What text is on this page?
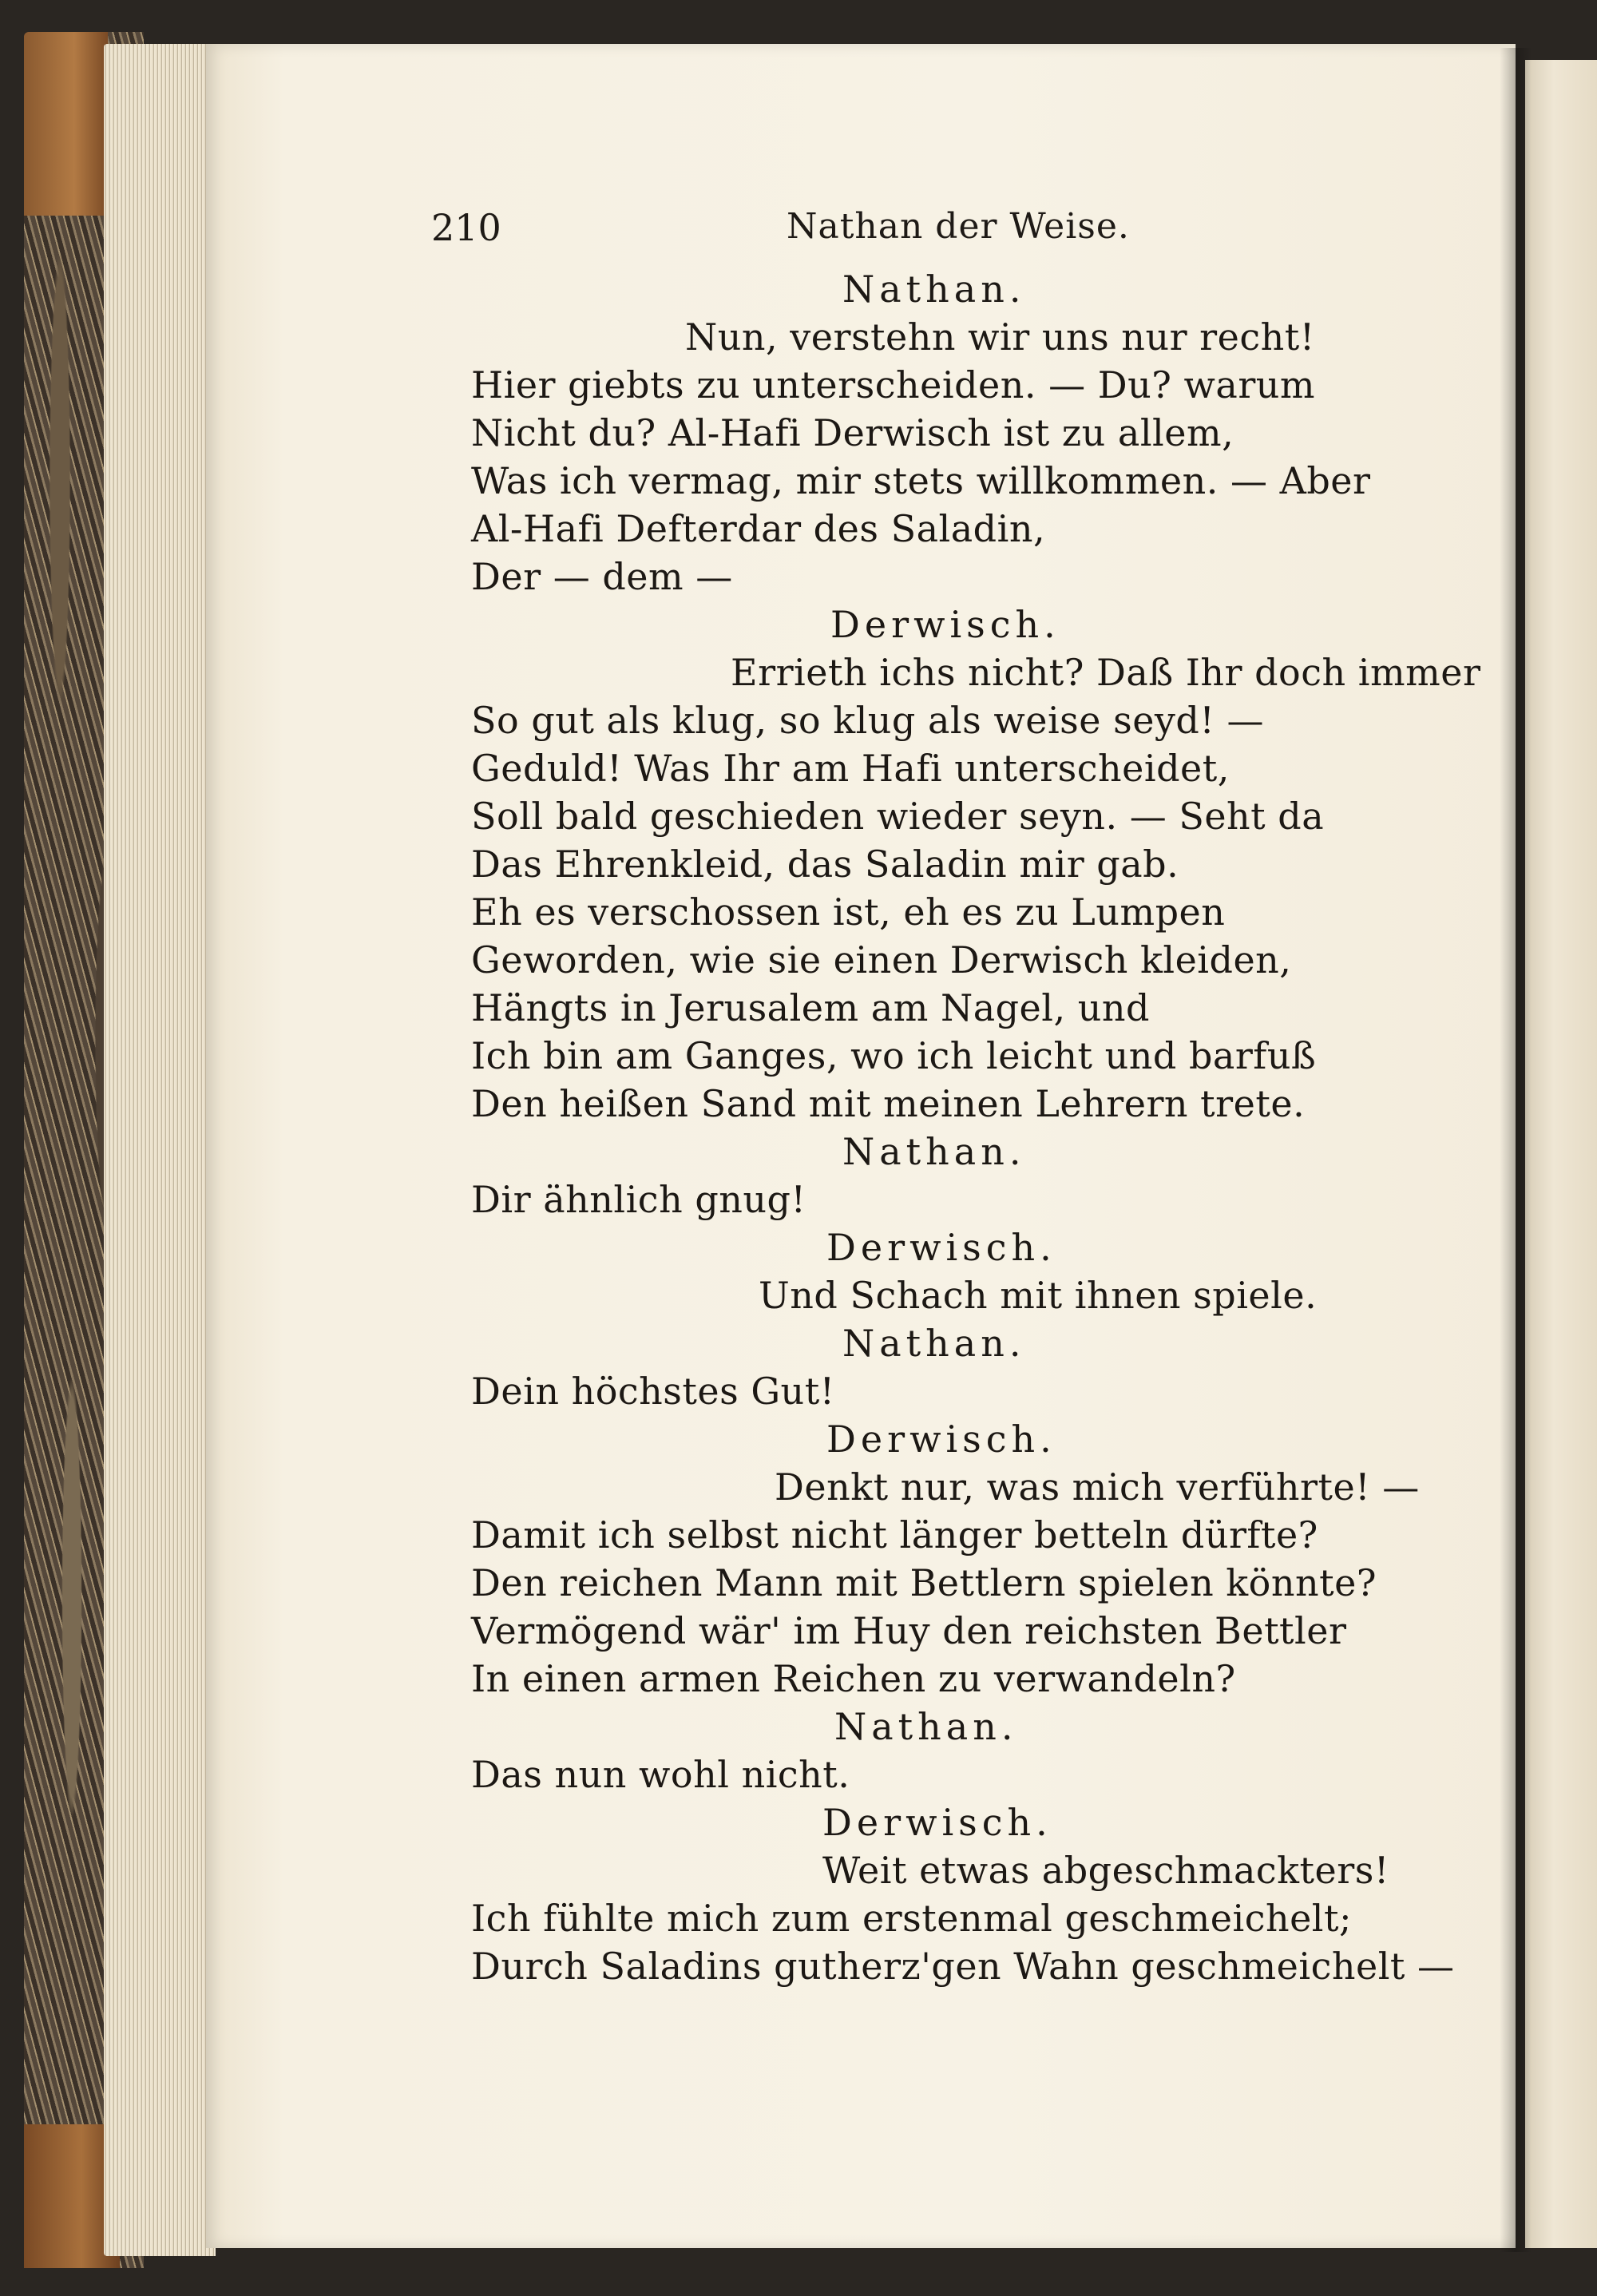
210	Nathan der Weise.
Nathan.
Nun, verstehn wir uns nur recht!
Hier giebts zu unterscheiden. — Du? warum
Nicht du? Al-Hafi Derwisch ist zu allem,
Was ich vermag, mir stets willkommen. — Aber
Al-Hafi Defterdar des Saladin,
Der — dem —
Derwisch.
Errieth ichs nicht? Daß Ihr doch immer
So gut als klug, so klug als weise seyd! —
Geduld! Was Ihr am Hafi unterscheidet,
Soll bald geschieden wieder seyn. — Seht da
Das Ehrenkleid, das Saladin mir gab.
Eh es verschossen ist, eh es zu Lumpen
Geworden, wie sie einen Derwisch kleiden,
Hängts in Jerusalem am Nagel, und
Ich bin am Ganges, wo ich leicht und barfuß
Den heißen Sand mit meinen Lehrern trete.
Nathan.
Dir ähnlich gnug!
Derwisch.
Und Schach mit ihnen spiele.
Nathan.
Dein höchstes Gut!
Derwisch.
Denkt nur, was mich verführte! —
Damit ich selbst nicht länger betteln dürfte?
Den reichen Mann mit Bettlern spielen könnte?
Vermögend wär' im Huy den reichsten Bettler
In einen armen Reichen zu verwandeln?
Nathan.
Das nun wohl nicht.
Derwisch.
Weit etwas abgeschmackters!
Ich fühlte mich zum erstenmal geschmeichelt;
Durch Saladins gutherz'gen Wahn geschmeichelt —
